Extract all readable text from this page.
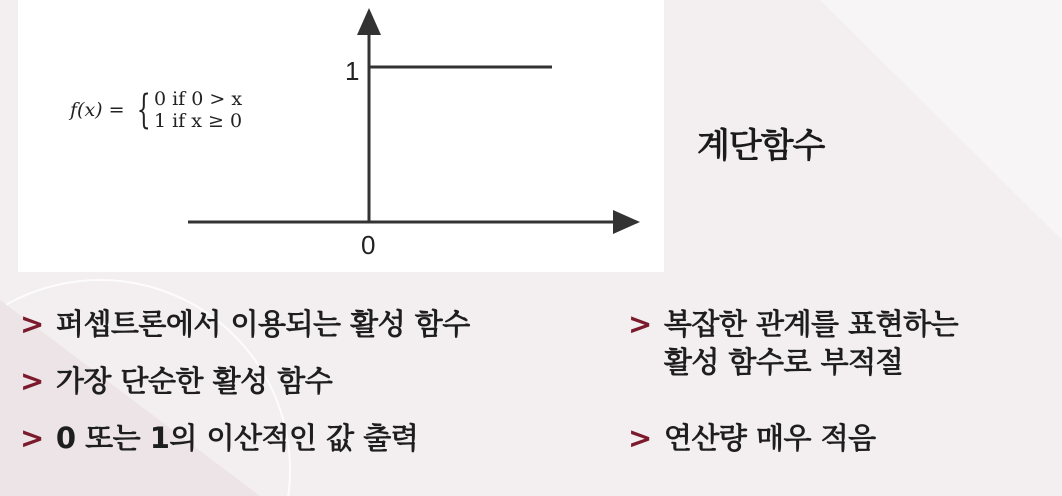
1
0
f(x) = { 0 if 0 > x
1 if x ≥ 0
계단함수
> 퍼셉트론에서 이용되는 활성 함수
> 가장 단순한 활성 함수
> 0 또는 1의 이산적인 값 출력
> 복잡한 관계를 표현하는
활성 함수로 부적절
> 연산량 매우 적음
